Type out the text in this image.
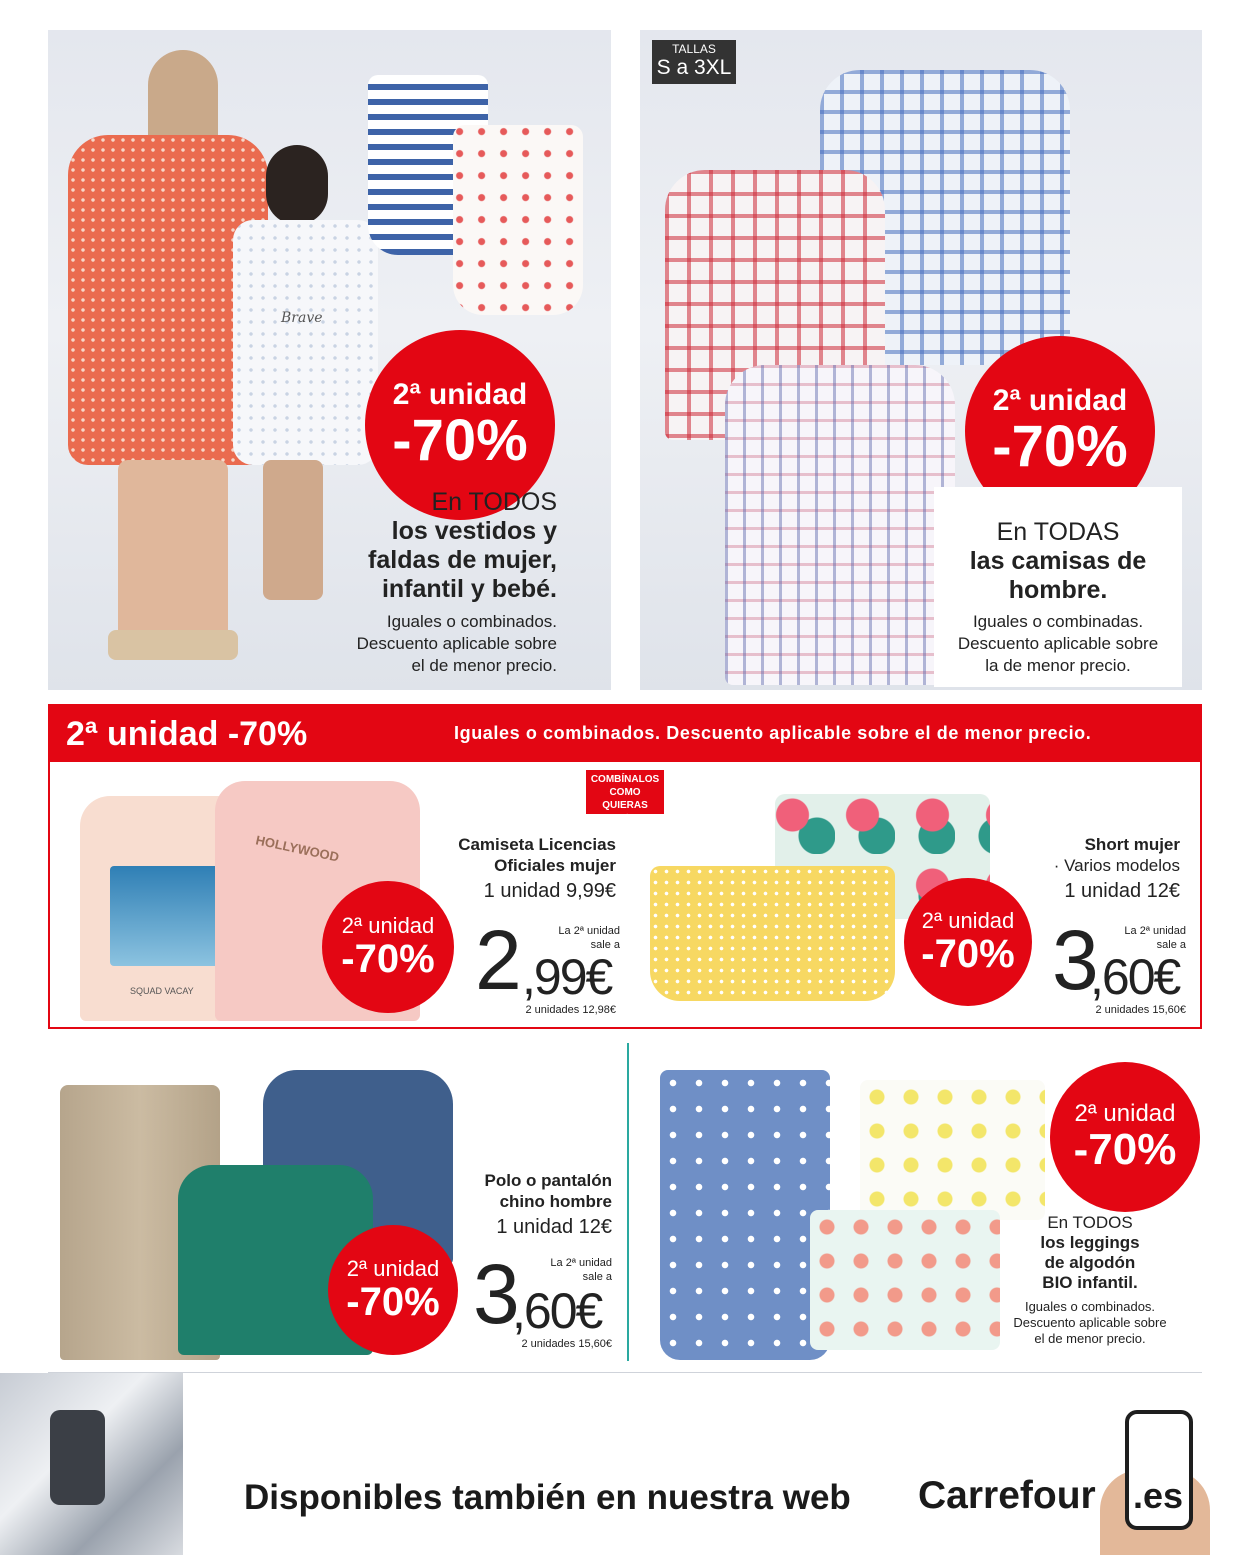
Brave
2ª unidad
-70%
En TODOS
los vestidos y
faldas de mujer,
infantil y bebé.
Iguales o combinados.
Descuento aplicable sobre
el de menor precio.
TALLAS
S a 3XL
2ª unidad
-70%
En TODAS
las camisas de
hombre.
Iguales o combinadas.
Descuento aplicable sobre
la de menor precio.
2ª unidad -70%	Iguales o combinados. Descuento aplicable sobre el de menor precio.
COMBÍNALOS
COMO QUIERAS
⇄
SQUAD VACAY
HOLLYWOOD
2ª unidad
-70%
Camiseta Licencias
Oficiales mujer
1 unidad 9,99€
La 2ª unidad
sale a
2 ,99€
2 unidades 12,98€
2ª unidad
-70%
Short mujer
· Varios modelos
1 unidad 12€
La 2ª unidad
sale a
3
,60€
2 unidades 15,60€
2ª unidad
-70%
Polo o pantalón
chino hombre
1 unidad 12€
La 2ª unidad
sale a
3
,60€
2 unidades 15,60€
2ª unidad
-70%
En TODOS
los leggings
de algodón
BIO infantil.
Iguales o combinados.
Descuento aplicable sobre
el de menor precio.
Disponibles también en nuestra web Carrefour .es
